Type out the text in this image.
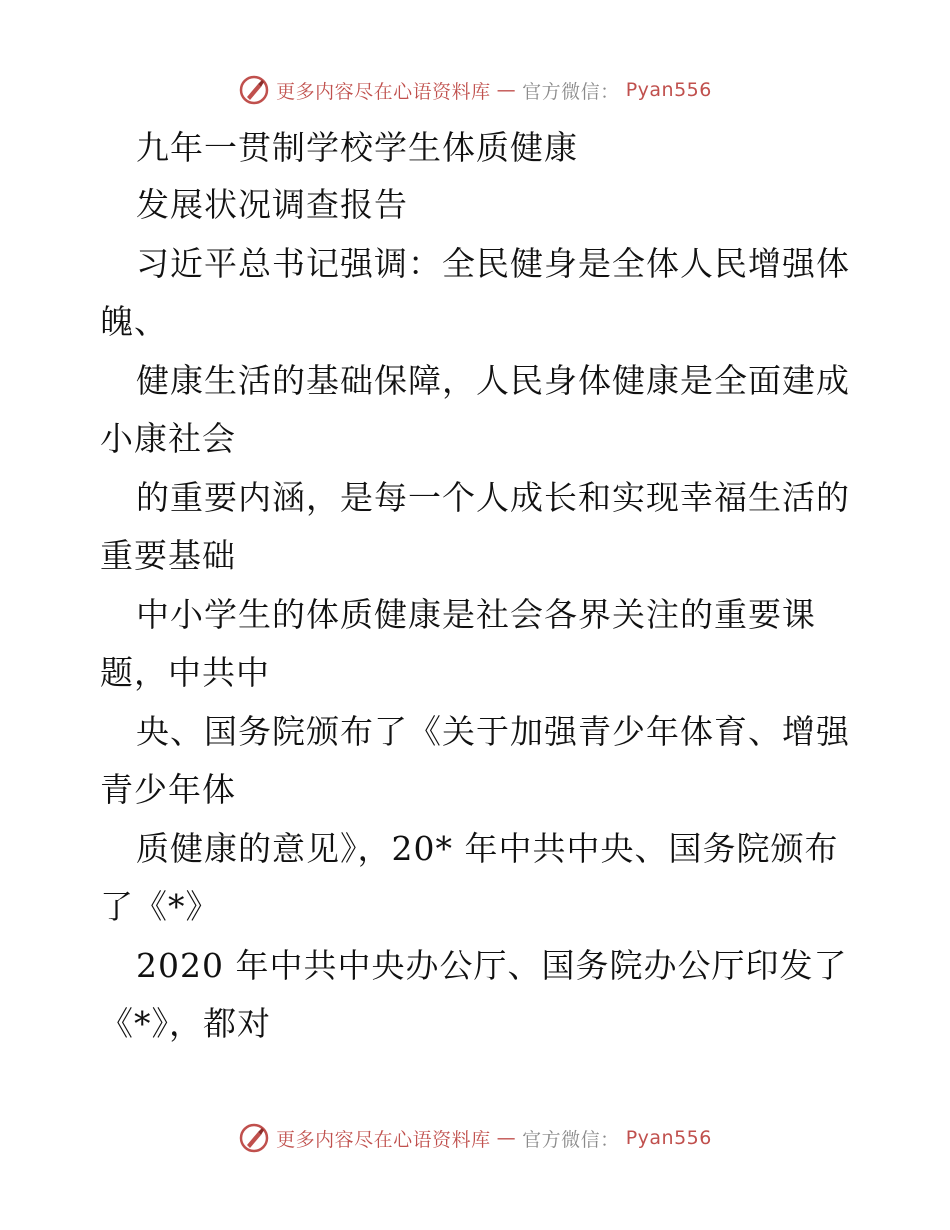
更多内容尽在心语资料库 — 官方微信： Pyan556
九年一贯制学校学生体质健康
发展状况调查报告
习近平总书记强调：全民健身是全体人民增强体
魄、
健康生活的基础保障，人民身体健康是全面建成
小康社会
的重要内涵，是每一个人成长和实现幸福生活的
重要基础
中小学生的体质健康是社会各界关注的重要课
题，中共中
央、国务院颁布了《关于加强青少年体育、增强
青少年体
质健康的意见》，20* 年中共中央、国务院颁布
了《*》
2020 年中共中央办公厅、国务院办公厅印发了
《*》，都对
更多内容尽在心语资料库 — 官方微信： Pyan556
